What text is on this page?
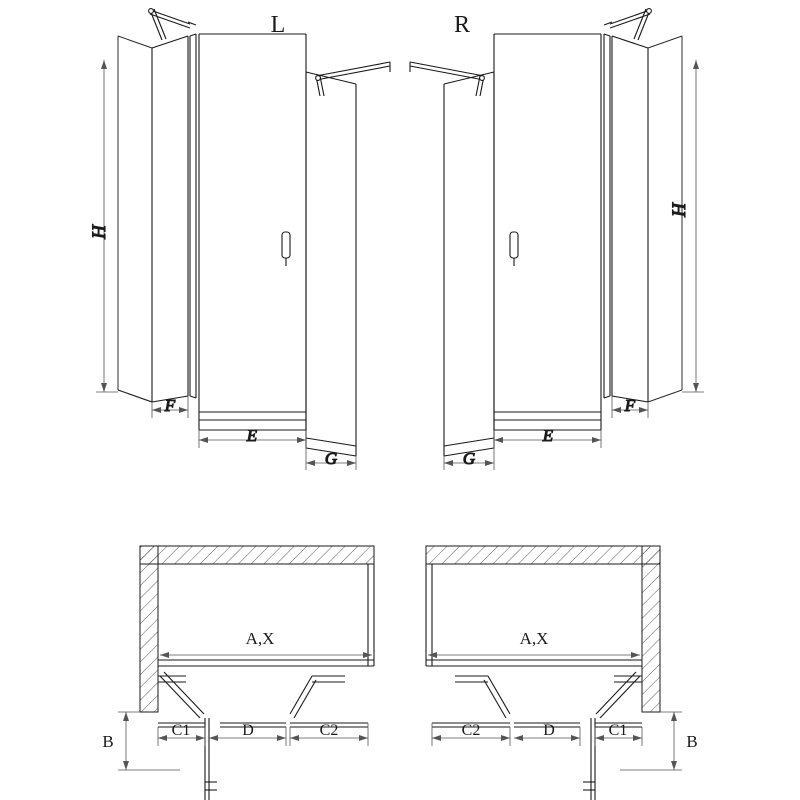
H
F
E
G
L
H
G
E
F
R
A,X
C1	D	C2
B
A,X
C2	D	C1
B
